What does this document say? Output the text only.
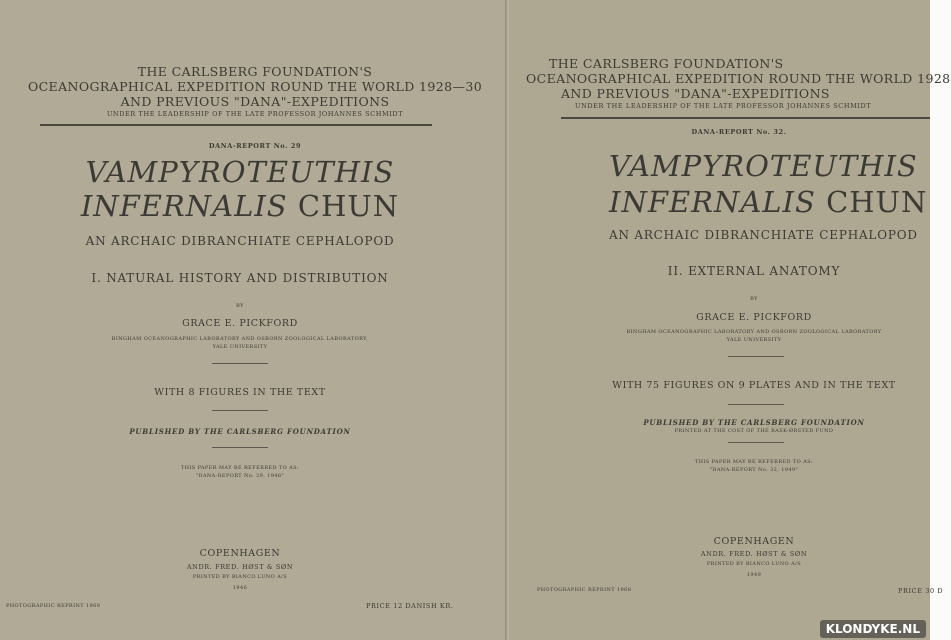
THE CARLSBERG FOUNDATION'S
OCEANOGRAPHICAL EXPEDITION ROUND THE WORLD 1928—30
AND PREVIOUS "DANA"-EXPEDITIONS
UNDER THE LEADERSHIP OF THE LATE PROFESSOR JOHANNES SCHMIDT
DANA-REPORT No. 29
VAMPYROTEUTHIS
INFERNALIS CHUN
AN ARCHAIC DIBRANCHIATE CEPHALOPOD
I. NATURAL HISTORY AND DISTRIBUTION
BY
GRACE E. PICKFORD
BINGHAM OCEANOGRAPHIC LABORATORY AND OSBORN ZOOLOGICAL LABORATORY,
YALE UNIVERSITY
WITH 8 FIGURES IN THE TEXT
PUBLISHED BY THE CARLSBERG FOUNDATION
THIS PAPER MAY BE REFERRED TO AS:
"DANA-REPORT No. 29, 1946"
COPENHAGEN
ANDR. FRED. HØST & SØN
PRINTED BY BIANCO LUNO A/S
1946
PHOTOGRAPHIC REPRINT 1968	PRICE 12 DANISH KR.
THE CARLSBERG FOUNDATION'S
OCEANOGRAPHICAL EXPEDITION ROUND THE WORLD 1928
AND PREVIOUS "DANA"-EXPEDITIONS
UNDER THE LEADERSHIP OF THE LATE PROFESSOR JOHANNES SCHMIDT
DANA-REPORT No. 32.
VAMPYROTEUTHIS
INFERNALIS CHUN
AN ARCHAIC DIBRANCHIATE CEPHALOPOD
II. EXTERNAL ANATOMY
BY
GRACE E. PICKFORD
BINGHAM OCEANOGRAPHIC LABORATORY AND OSBORN ZOOLOGICAL LABORATORY
YALE UNIVERSITY
WITH 75 FIGURES ON 9 PLATES AND IN THE TEXT
PUBLISHED BY THE CARLSBERG FOUNDATION
PRINTED AT THE COST OF THE RASK-ØRSTED FUND
THIS PAPER MAY BE REFERRED TO AS:
"DANA-REPORT No. 32, 1949"
COPENHAGEN
ANDR. FRED. HØST & SØN
PRINTED BY BIANCO LUNO A/S
1949
PHOTOGRAPHIC REPRINT 1968	PRICE 30 D
KLONDYKE.NL
